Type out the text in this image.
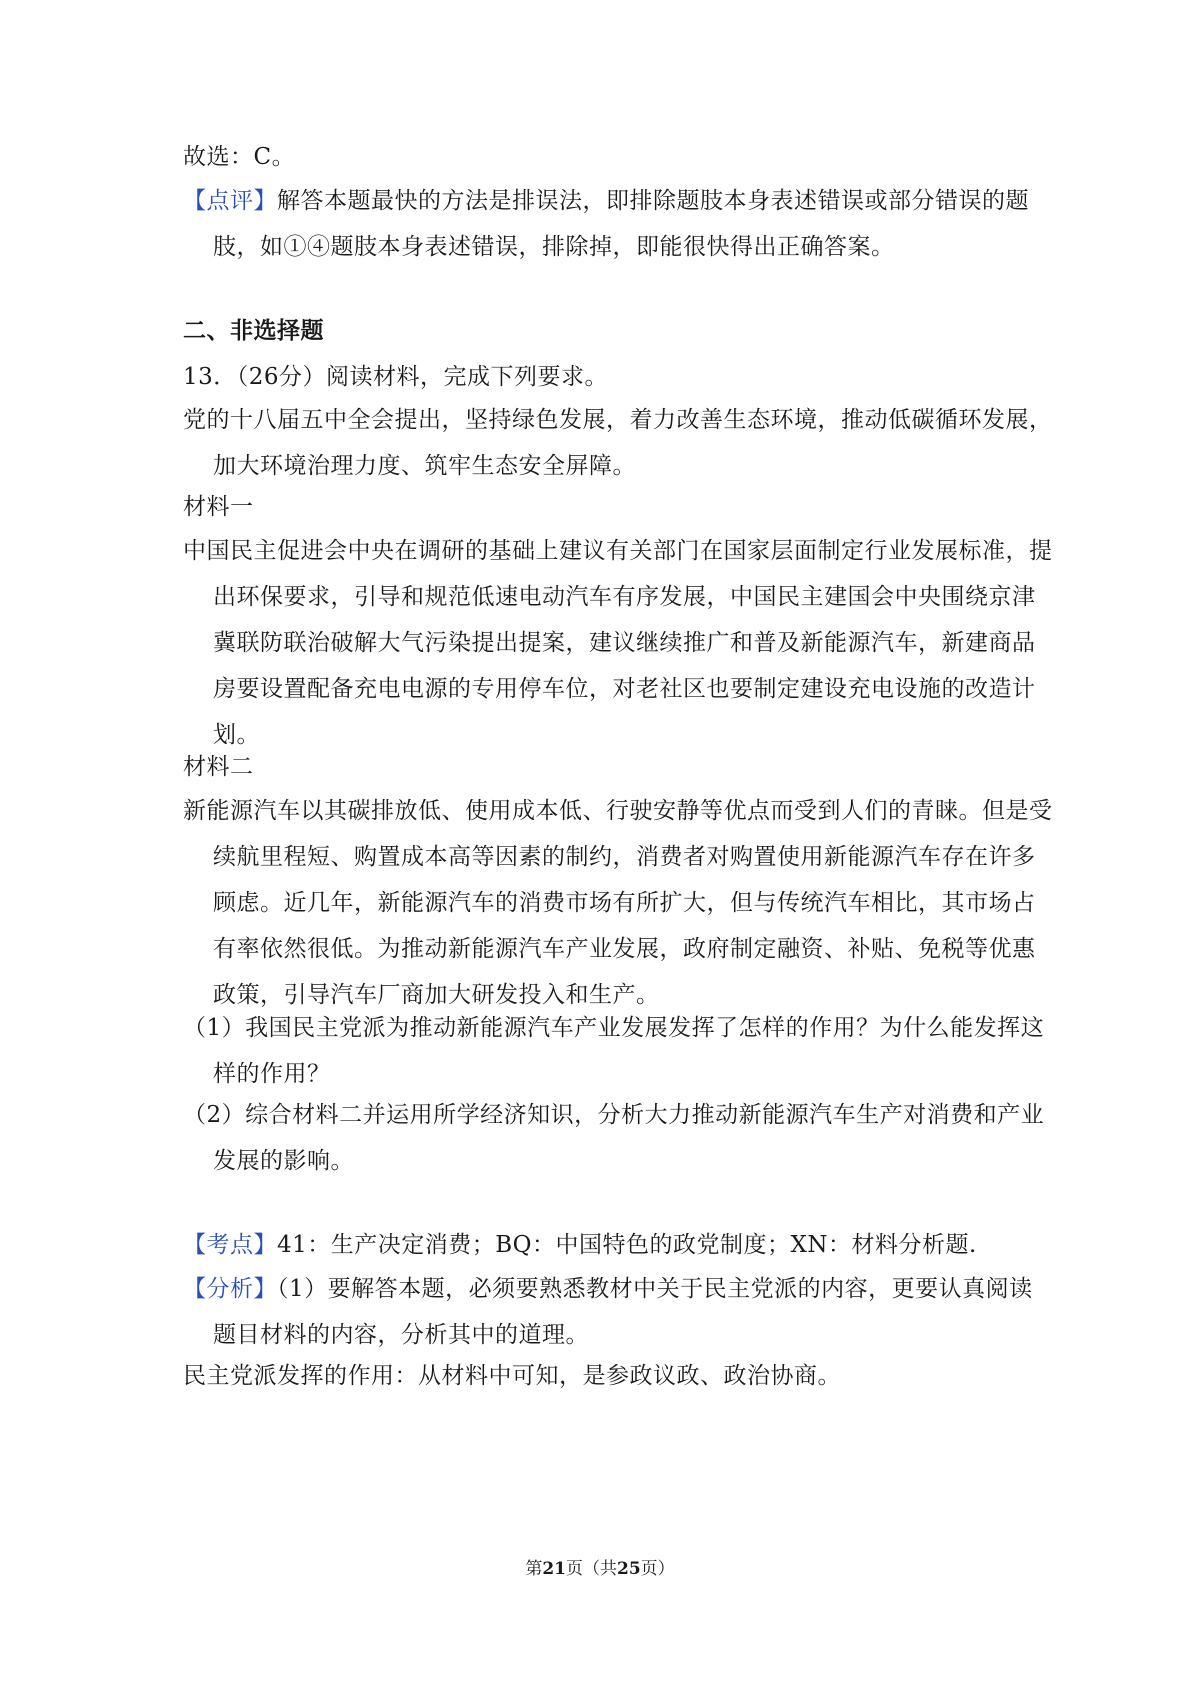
故选：C。
【点评】解答本题最快的方法是排误法，即排除题肢本身表述错误或部分错误的题肢，如①④题肢本身表述错误，排除掉，即能很快得出正确答案。
二、非选择题
13．（26分）阅读材料，完成下列要求。
党的十八届五中全会提出，坚持绿色发展，着力改善生态环境，推动低碳循环发展，加大环境治理力度、筑牢生态安全屏障。
材料一
中国民主促进会中央在调研的基础上建议有关部门在国家层面制定行业发展标准，提出环保要求，引导和规范低速电动汽车有序发展，中国民主建国会中央围绕京津冀联防联治破解大气污染提出提案，建议继续推广和普及新能源汽车，新建商品房要设置配备充电电源的专用停车位，对老社区也要制定建设充电设施的改造计划。
材料二
新能源汽车以其碳排放低、使用成本低、行驶安静等优点而受到人们的青睐。但是受续航里程短、购置成本高等因素的制约，消费者对购置使用新能源汽车存在许多顾虑。近几年，新能源汽车的消费市场有所扩大，但与传统汽车相比，其市场占有率依然很低。为推动新能源汽车产业发展，政府制定融资、补贴、免税等优惠政策，引导汽车厂商加大研发投入和生产。
（1）我国民主党派为推动新能源汽车产业发展发挥了怎样的作用？为什么能发挥这样的作用？
（2）综合材料二并运用所学经济知识，分析大力推动新能源汽车生产对消费和产业发展的影响。
【考点】41：生产决定消费；BQ：中国特色的政党制度；XN：材料分析题.
【分析】（1）要解答本题，必须要熟悉教材中关于民主党派的内容，更要认真阅读题目材料的内容，分析其中的道理。
民主党派发挥的作用：从材料中可知，是参政议政、政治协商。
第21页（共25页）
